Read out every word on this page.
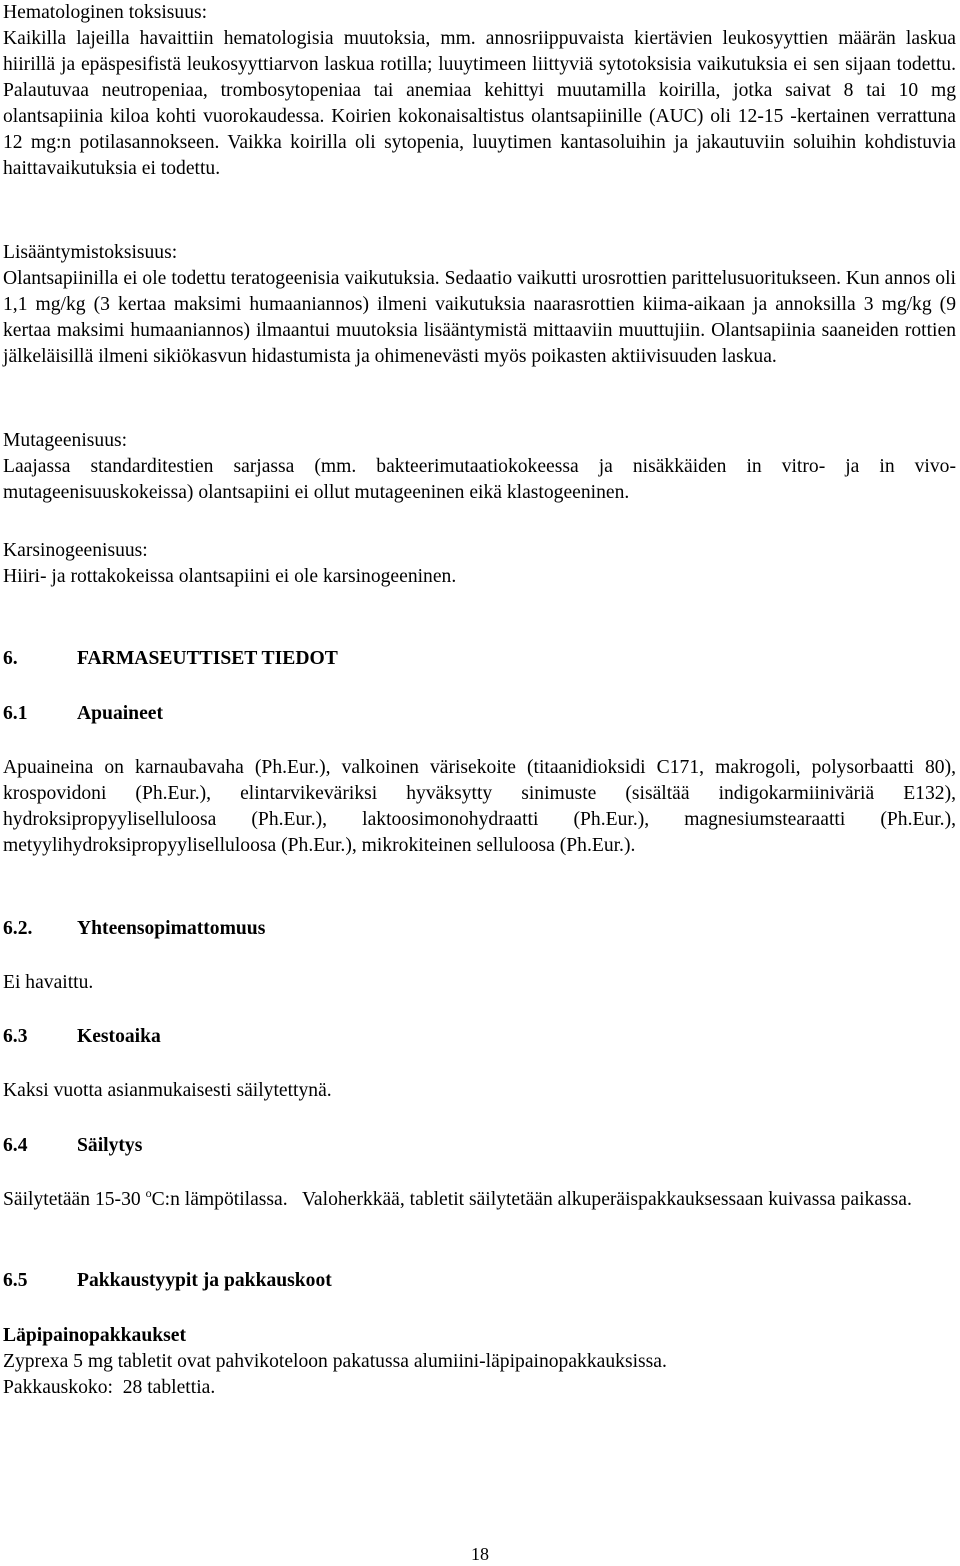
Hematologinen toksisuus:

Kaikilla lajeilla havaittiin hematologisia muutoksia, mm. annosriippuvaista kiertävien leukosyyttien määrän laskua hiirillä ja epäspesifistä leukosyyttiarvon laskua rotilla; luuytimeen liittyviä sytotoksisia vaikutuksia ei sen sijaan todettu. Palautuvaa neutropeniaa, trombosytopeniaa tai anemiaa kehittyi muutamilla koirilla, jotka saivat 8 tai 10 mg olantsapiinia kiloa kohti vuorokaudessa. Koirien kokonaisaltistus olantsapiinille (AUC) oli 12-15 -kertainen verrattuna 12 mg:n potilasannokseen. Vaikka koirilla oli sytopenia, luuytimen kantasoluihin ja jakautuviin soluihin kohdistuvia haittavaikutuksia ei todettu.

Lisääntymistoksisuus:

Olantsapiinilla ei ole todettu teratogeenisia vaikutuksia. Sedaatio vaikutti urosrottien parittelusuoritukseen. Kun annos oli 1,1 mg/kg (3 kertaa maksimi humaaniannos) ilmeni vaikutuksia naarasrottien kiima-aikaan ja annoksilla 3 mg/kg (9 kertaa maksimi humaaniannos) ilmaantui muutoksia lisääntymistä mittaaviin muuttujiin. Olantsapiinia saaneiden rottien jälkeläisillä ilmeni sikiökasvun hidastumista ja ohimenevästi myös poikasten aktiivisuuden laskua.

Mutageenisuus:

Laajassa standarditestien sarjassa (mm. bakteerimutaatiokokeessa ja nisäkkäiden in vitro- ja in vivo-mutageenisuuskokeissa) olantsapiini ei ollut mutageeninen eikä klastogeeninen.

Karsinogeenisuus:

Hiiri- ja rottakokeissa olantsapiini ei ole karsinogeeninen.

6.	FARMASEUTTISET TIEDOT
6.1	Apuaineet
Apuaineina on karnaubavaha (Ph.Eur.), valkoinen värisekoite (titaanidioksidi C171, makrogoli, polysorbaatti 80), krospovidoni (Ph.Eur.), elintarvikeväriksi hyväksytty sinimuste (sisältää indigokarmiiniväriä E132), hydroksipropyyliselluloosa (Ph.Eur.), laktoosimonohydraatti (Ph.Eur.), magnesiumstearaatti (Ph.Eur.), metyylihydroksipropyyliselluloosa (Ph.Eur.), mikrokiteinen selluloosa (Ph.Eur.).
6.2. Yhteensopimattomuus
Ei havaittu.
6.3	Kestoaika
Kaksi vuotta asianmukaisesti säilytettynä.
6.4	Säilytys
Säilytetään 15-30 $^o$C:n lämpötilassa.   Valoherkkää, tabletit säilytetään alkuperäispakkauksessaan kuivassa paikassa.
6.5	Pakkaustyypit ja pakkauskoot
Läpipainopakkaukset
Zyprexa 5 mg tabletit ovat pahvikoteloon pakatussa alumiini-läpipainopakkauksissa.
Pakkauskoko:  28 tablettia.
18
